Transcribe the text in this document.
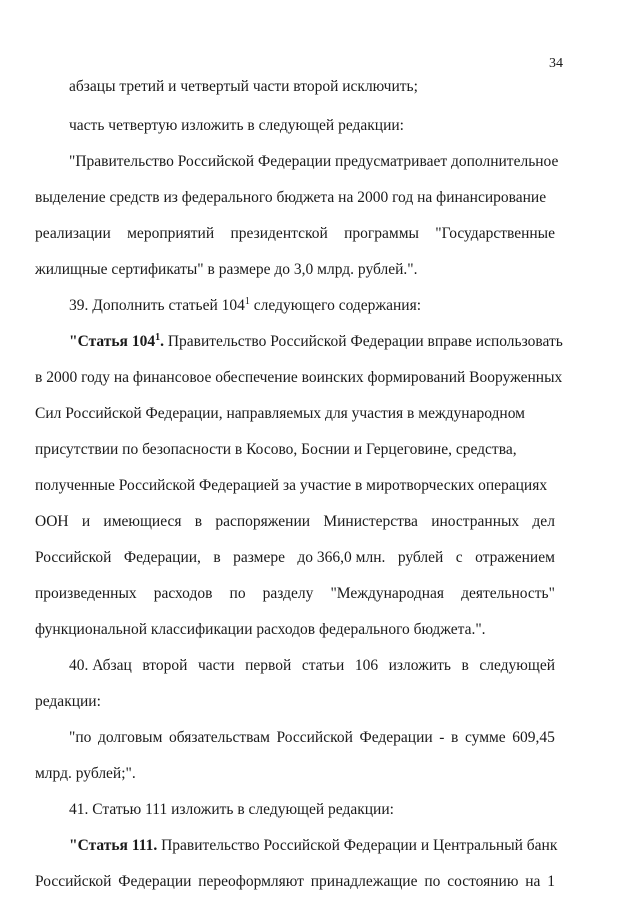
34
абзацы третий и четвертый части второй исключить;
часть четвертую изложить в следующей редакции:
"Правительство Российской Федерации предусматривает дополнительное
выделение средств из федерального бюджета на 2000 год на финансирование
реализации мероприятий президентской программы "Государственные
жилищные сертификаты" в размере до 3,0 млрд. рублей.".
39. Дополнить статьей $104^1$ следующего содержания:
"Статья $104^1$. Правительство Российской Федерации вправе использовать
в 2000 году на финансовое обеспечение воинских формирований Вооруженных
Сил Российской Федерации, направляемых для участия в международном
присутствии по безопасности в Косово, Боснии и Герцеговине, средства,
полученные Российской Федерацией за участие в миротворческих операциях
ООН и имеющиеся в распоряжении Министерства иностранных дел
Российской Федерации, в размере до 366,0 млн. рублей с отражением
произведенных расходов по разделу "Международная деятельность"
функциональной классификации расходов федерального бюджета.".
40. Абзац второй части первой статьи 106 изложить в следующей
редакции:
"по долговым обязательствам Российской Федерации - в сумме 609,45
млрд. рублей;".
41. Статью 111 изложить в следующей редакции:
"Статья 111. Правительство Российской Федерации и Центральный банк
Российской Федерации переоформляют принадлежащие по состоянию на 1
